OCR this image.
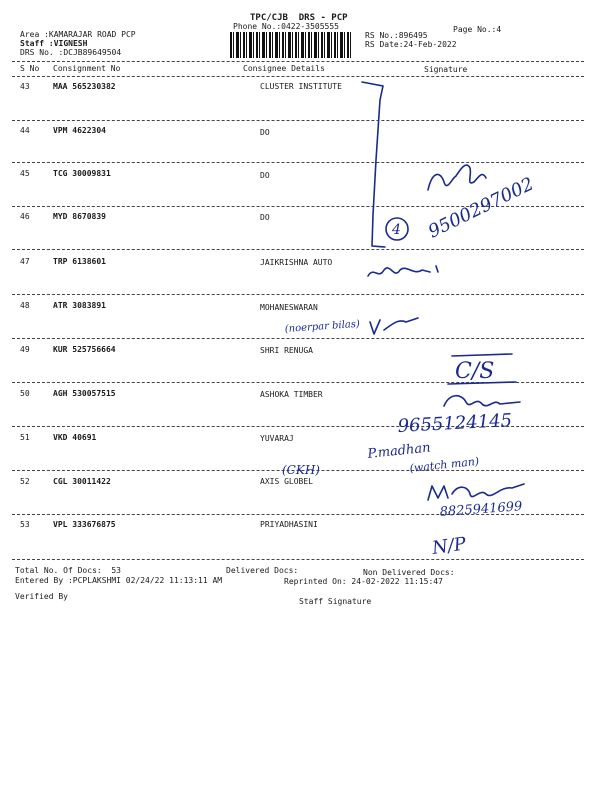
TPC/CJB  DRS - PCP
Phone No.:0422-3505555
Area :KAMARAJAR ROAD PCP
Staff :VIGNESH
DRS No. :DCJB89649504
Page No.:4
RS No.:896495
RS Date:24-Feb-2022
S No Consignment No	Consignee Details	Signature
43	MAA 565230382	CLUSTER INSTITUTE
44	VPM 4622304	DO
45	TCG 30009831	DO
46	MYD 8670839	DO
47	TRP 6138601	JAIKRISHNA AUTO
48	ATR 3083891	MOHANESWARAN
49	KUR 525756664	SHRI RENUGA
50	AGH 530057515	ASHOKA TIMBER
51	VKD 40691	YUVARAJ
52	CGL 30011422	AXIS GLOBEL
53	VPL 333676875	PRIYADHASINI
Total No. Of Docs:  53	Delivered Docs:	Non Delivered Docs:
Entered By :PCPLAKSHMI 02/24/22 11:13:11 AM	Reprinted On: 24-02-2022 11:15:47
Verified By
Staff Signature
9500297002
4
(noerpar bilas)
C/S
9655124145
P.madhan
(watch man)
(CKH)
8825941699
N/P
